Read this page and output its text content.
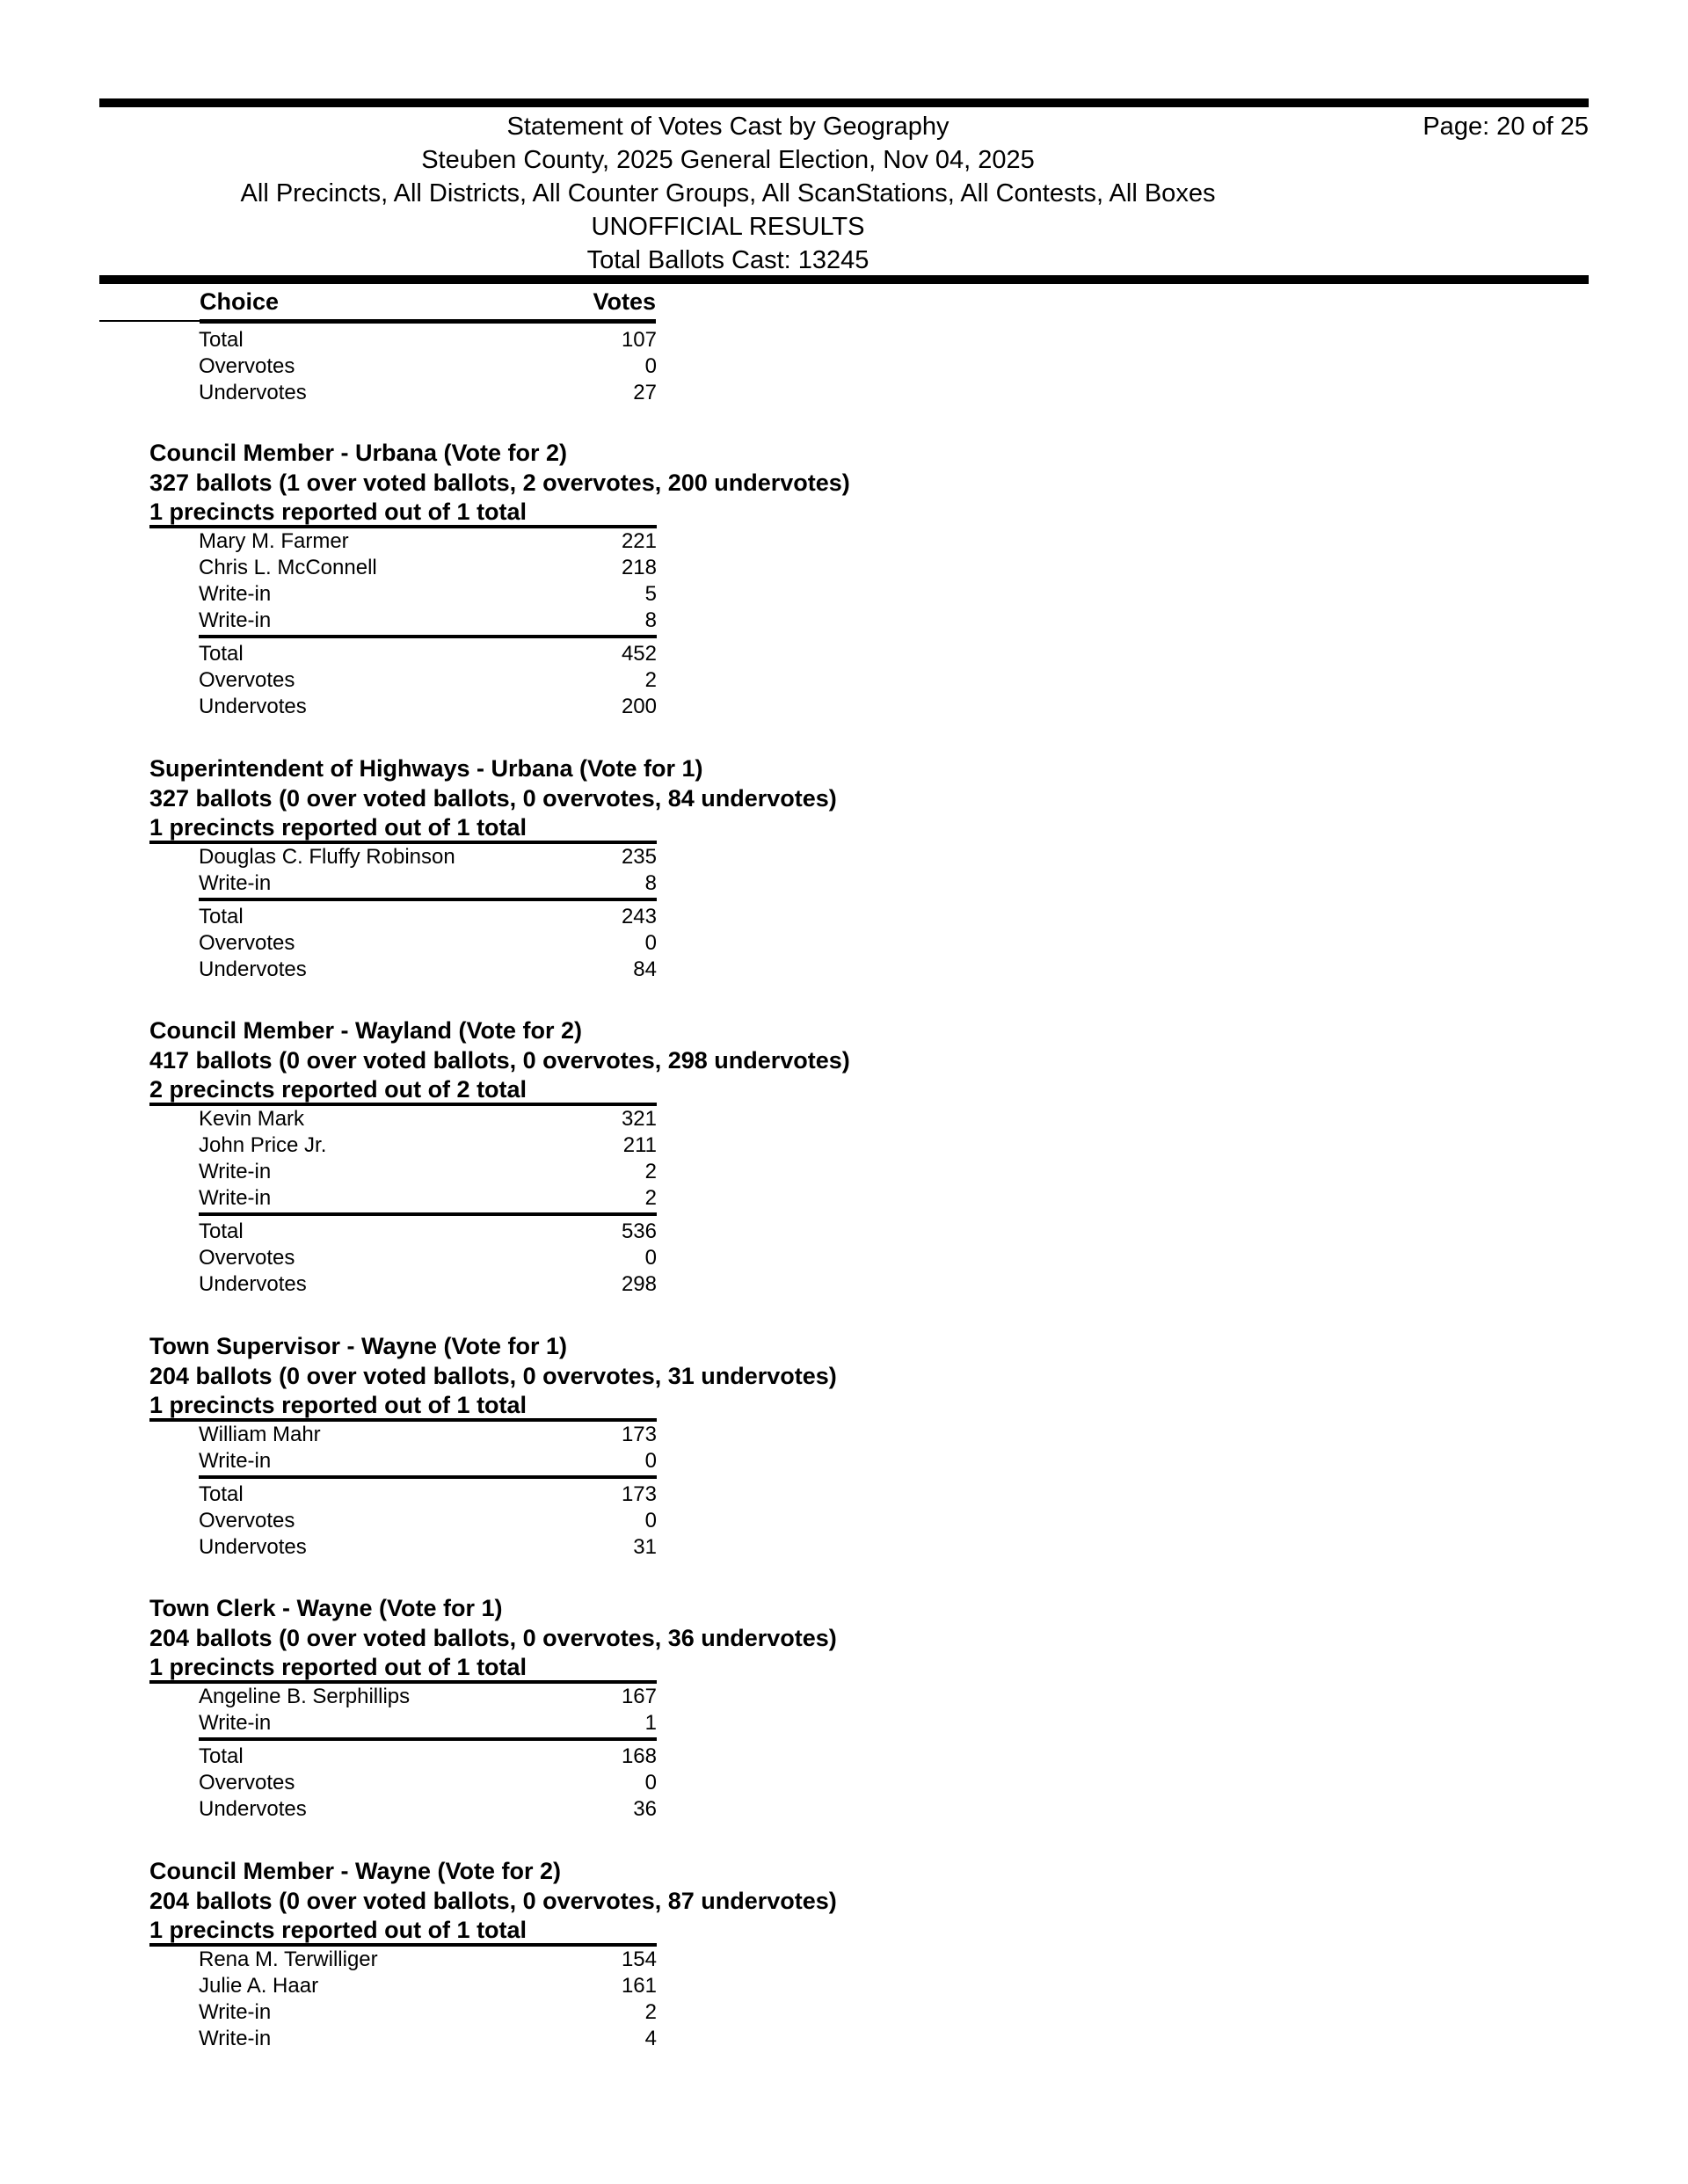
Statement of Votes Cast by Geography	Page: 20 of 25
Steuben County, 2025 General Election, Nov 04, 2025
All Precincts, All Districts, All Counter Groups, All ScanStations, All Contests, All Boxes
UNOFFICIAL RESULTS
Total Ballots Cast: 13245
Choice	Votes
Total	107
Overvotes	0
Undervotes	27
Council Member - Urbana (Vote for 2)
327 ballots (1 over voted ballots, 2 overvotes, 200 undervotes)
1 precincts reported out of 1 total
Mary M. Farmer	221
Chris L. McConnell	218
Write-in	5
Write-in	8
Total	452
Overvotes	2
Undervotes	200
Superintendent of Highways - Urbana (Vote for 1)
327 ballots (0 over voted ballots, 0 overvotes, 84 undervotes)
1 precincts reported out of 1 total
Douglas C. Fluffy Robinson	235
Write-in	8
Total	243
Overvotes	0
Undervotes	84
Council Member - Wayland (Vote for 2)
417 ballots (0 over voted ballots, 0 overvotes, 298 undervotes)
2 precincts reported out of 2 total
Kevin Mark	321
John Price Jr.	211
Write-in	2
Write-in	2
Total	536
Overvotes	0
Undervotes	298
Town Supervisor - Wayne (Vote for 1)
204 ballots (0 over voted ballots, 0 overvotes, 31 undervotes)
1 precincts reported out of 1 total
William Mahr	173
Write-in	0
Total	173
Overvotes	0
Undervotes	31
Town Clerk - Wayne (Vote for 1)
204 ballots (0 over voted ballots, 0 overvotes, 36 undervotes)
1 precincts reported out of 1 total
Angeline B. Serphillips	167
Write-in	1
Total	168
Overvotes	0
Undervotes	36
Council Member - Wayne (Vote for 2)
204 ballots (0 over voted ballots, 0 overvotes, 87 undervotes)
1 precincts reported out of 1 total
Rena M. Terwilliger	154
Julie A. Haar	161
Write-in	2
Write-in	4
